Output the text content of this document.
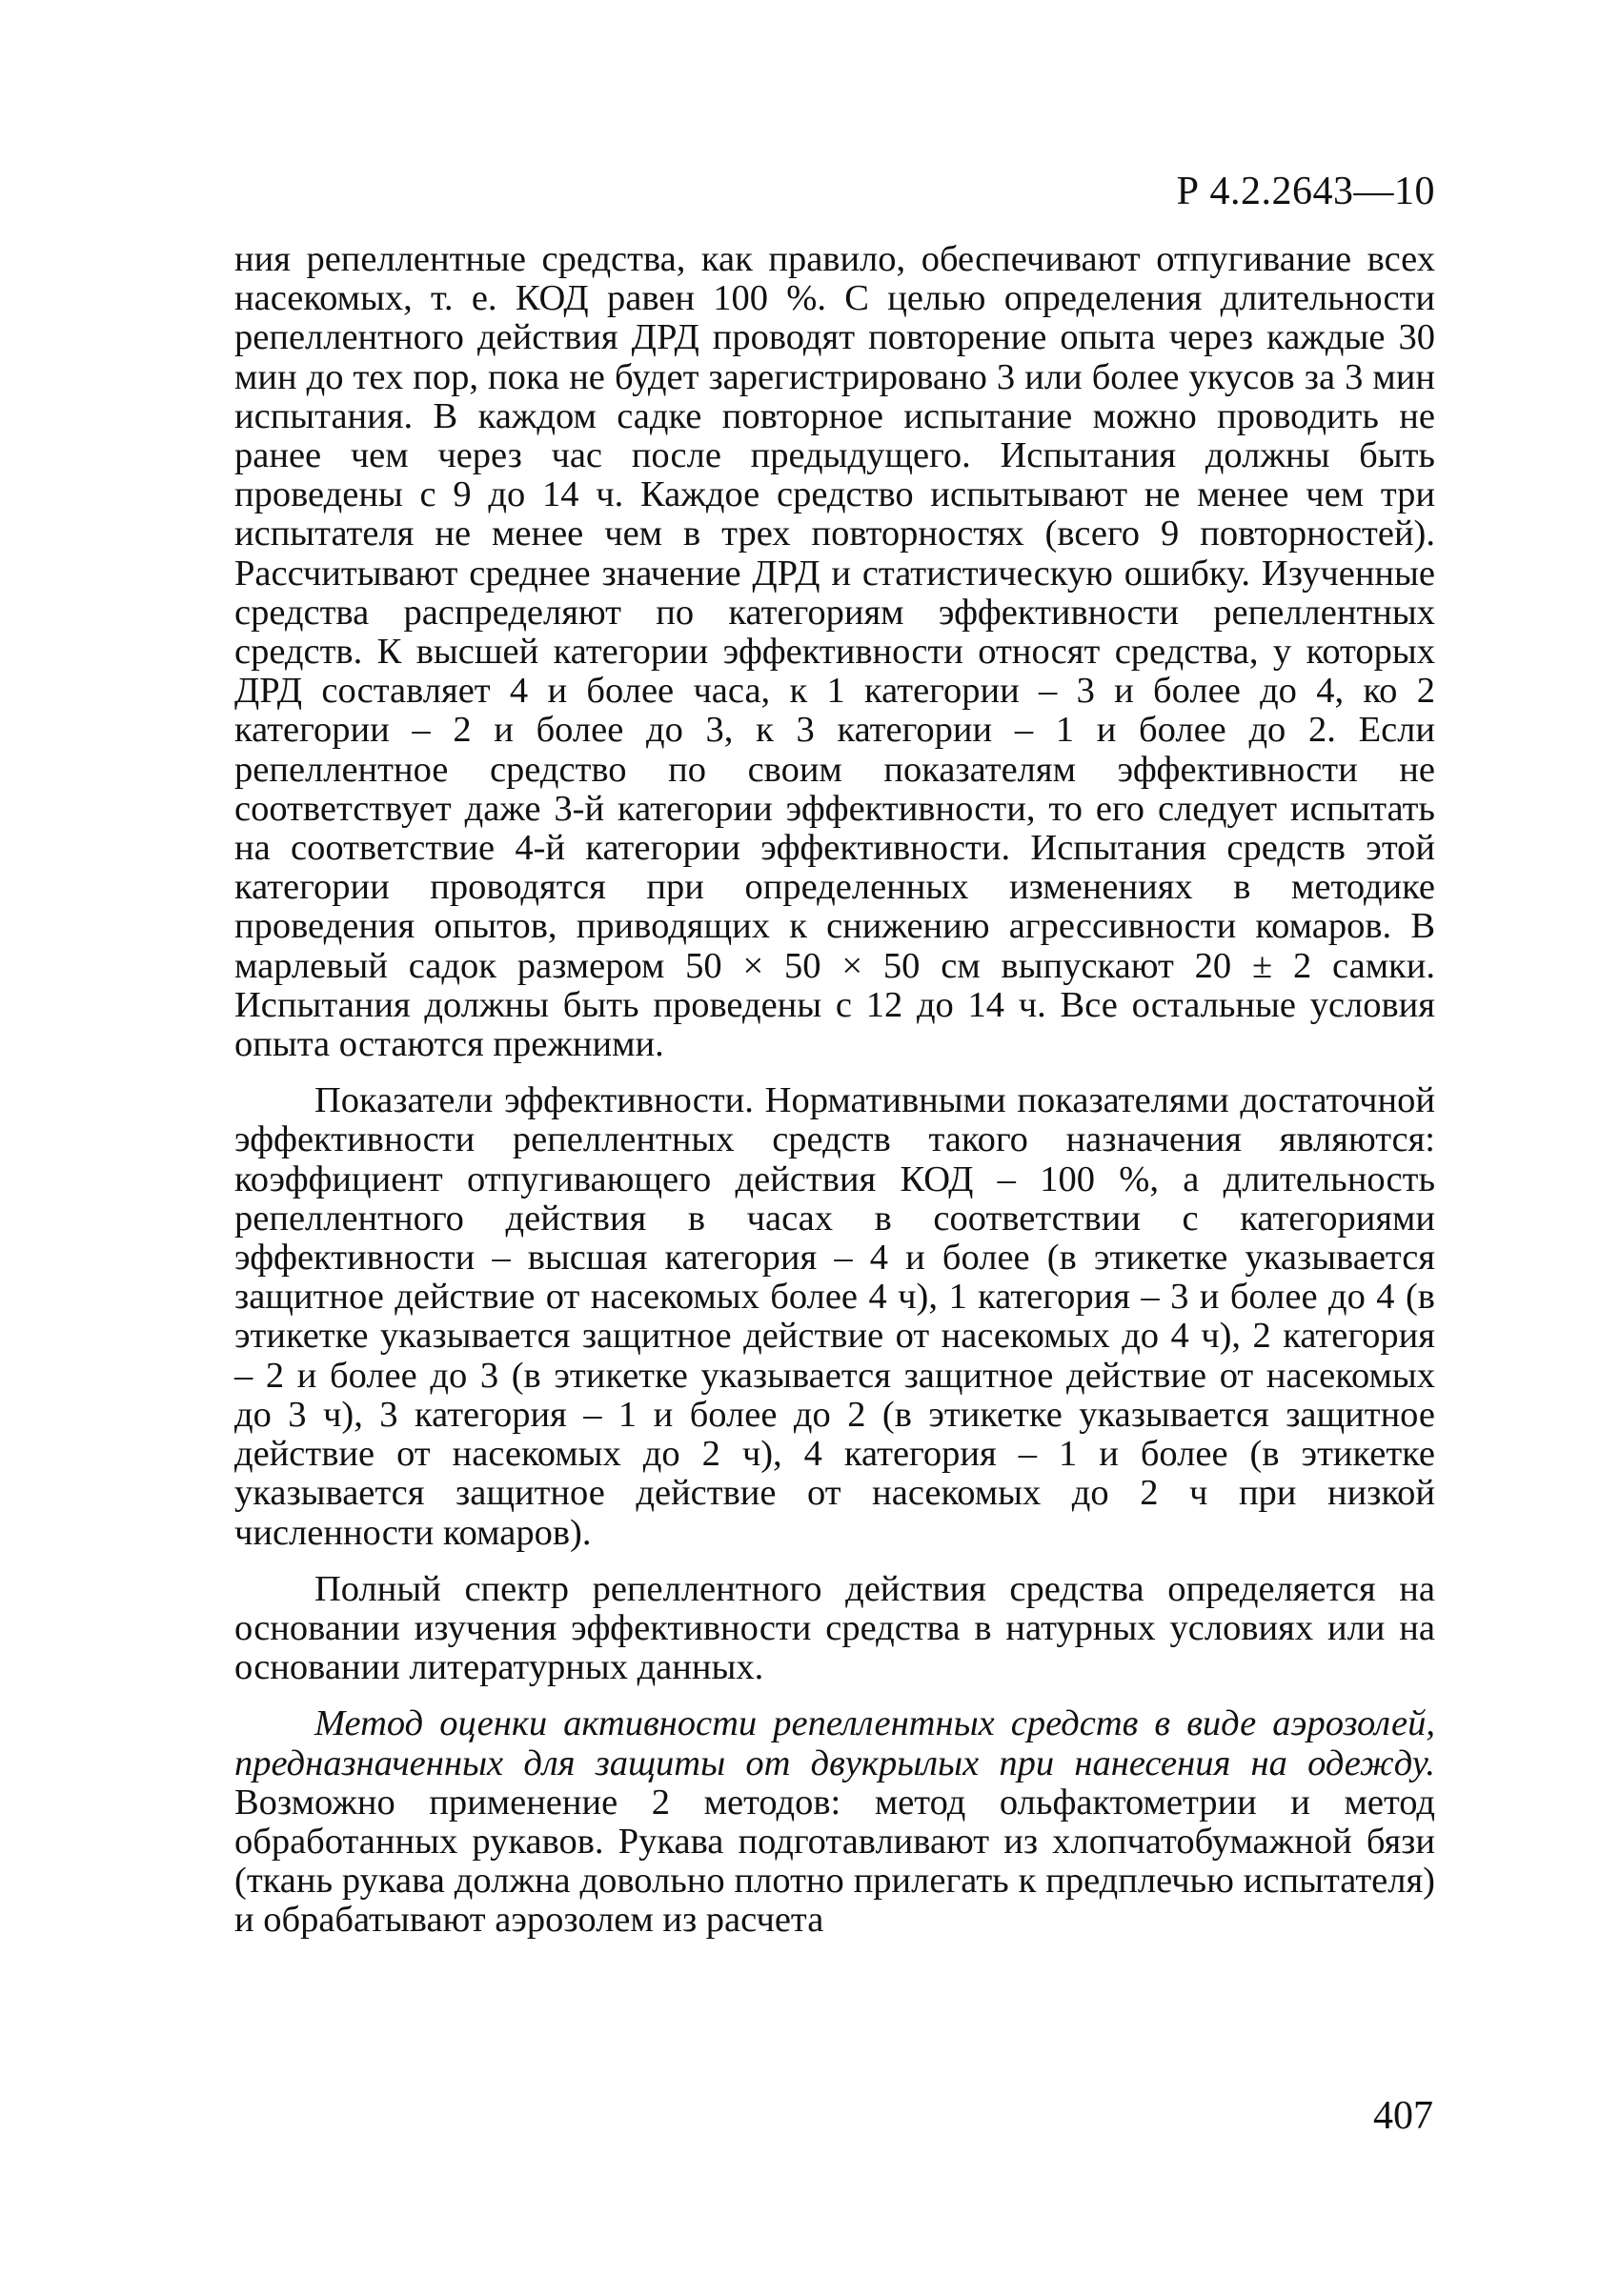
Р 4.2.2643—10

ния репеллентные средства, как правило, обеспечивают отпугивание всех насекомых, т. е. КОД равен 100 %. С целью определения длительности репеллентного действия ДРД проводят повторение опыта через каждые 30 мин до тех пор, пока не будет зарегистрировано 3 или более укусов за 3 мин испытания. В каждом садке повторное испытание можно проводить не ранее чем через час после предыдущего. Испытания должны быть проведены с 9 до 14 ч. Каждое средство испытывают не менее чем три испытателя не менее чем в трех повторностях (всего 9 повторностей). Рассчитывают среднее значение ДРД и статистическую ошибку. Изученные средства распределяют по категориям эффективности репеллентных средств. К высшей категории эффективности относят средства, у которых ДРД составляет 4 и более часа, к 1 категории – 3 и более до 4, ко 2 категории – 2 и более до 3, к 3 категории – 1 и более до 2. Если репеллентное средство по своим показателям эффективности не соответствует даже 3-й категории эффективности, то его следует испытать на соответствие 4-й категории эффективности. Испытания средств этой категории проводятся при определенных изменениях в методике проведения опытов, приводящих к снижению агрессивности комаров. В марлевый садок размером 50 × 50 × 50 см выпускают 20 ± 2 самки. Испытания должны быть проведены с 12 до 14 ч. Все остальные условия опыта остаются прежними.

Показатели эффективности. Нормативными показателями достаточной эффективности репеллентных средств такого назначения являются: коэффициент отпугивающего действия КОД – 100 %, а длительность репеллентного действия в часах в соответствии с категориями эффективности – высшая категория – 4 и более (в этикетке указывается защитное действие от насекомых более 4 ч), 1 категория – 3 и более до 4 (в этикетке указывается защитное действие от насекомых до 4 ч), 2 категория – 2 и более до 3 (в этикетке указывается защитное действие от насекомых до 3 ч), 3 категория – 1 и более до 2 (в этикетке указывается защитное действие от насекомых до 2 ч), 4 категория – 1 и более (в этикетке указывается защитное действие от насекомых до 2 ч при низкой численности комаров).

Полный спектр репеллентного действия средства определяется на основании изучения эффективности средства в натурных условиях или на основании литературных данных.

Метод оценки активности репеллентных средств в виде аэрозолей, предназначенных для защиты от двукрылых при нанесения на одежду. Возможно применение 2 методов: метод ольфактометрии и метод обработанных рукавов. Рукава подготавливают из хлопчатобумажной бязи (ткань рукава должна довольно плотно прилегать к предплечью испытателя) и обрабатывают аэрозолем из расчета

407
